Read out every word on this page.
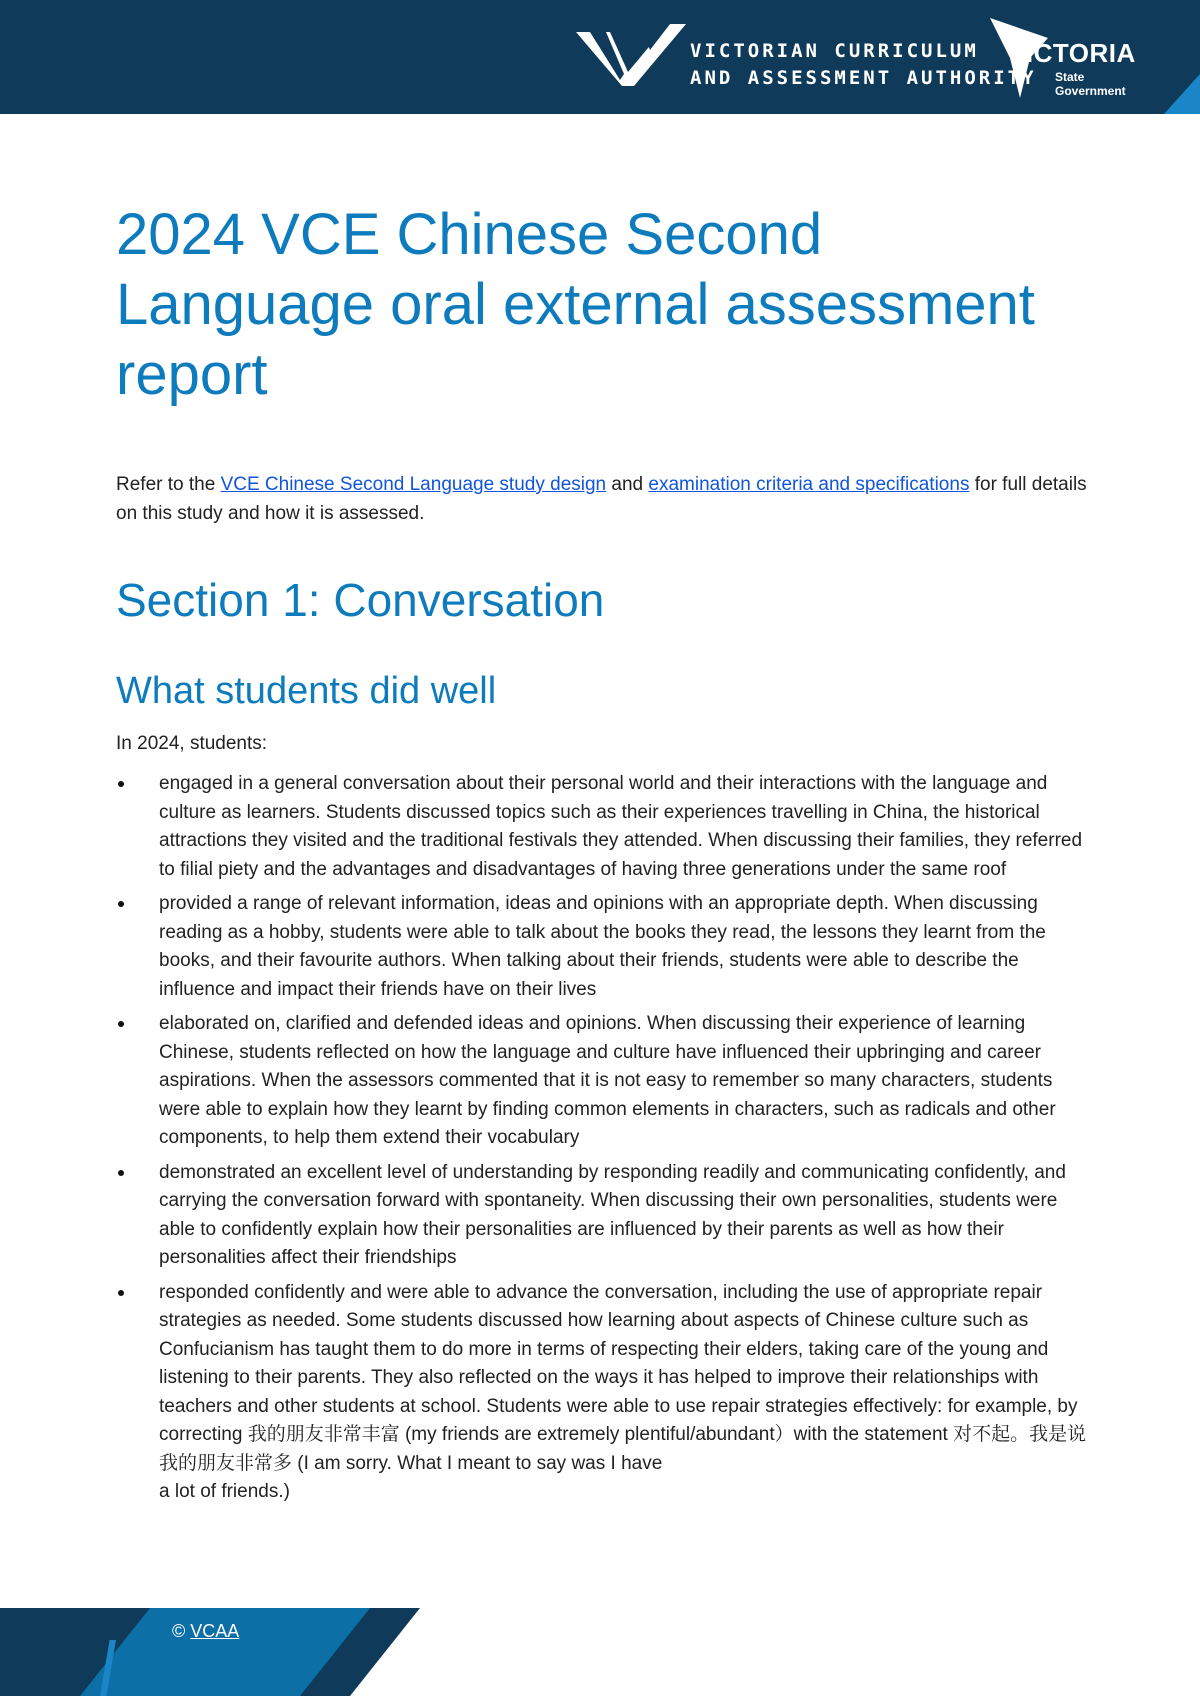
VICTORIAN CURRICULUM
AND ASSESSMENT AUTHORITY
VICTORIA
State
Government
2024 VCE Chinese Second Language oral external assessment report

Refer to the VCE Chinese Second Language study design and examination criteria and specifications for full details on this study and how it is assessed.

Section 1: Conversation
What students did well

In 2024, students:

engaged in a general conversation about their personal world and their interactions with the language and culture as learners. Students discussed topics such as their experiences travelling in China, the historical attractions they visited and the traditional festivals they attended. When discussing their families, they referred to filial piety and the advantages and disadvantages of having three generations under the same roof
provided a range of relevant information, ideas and opinions with an appropriate depth. When discussing reading as a hobby, students were able to talk about the books they read, the lessons they learnt from the books, and their favourite authors. When talking about their friends, students were able to describe the influence and impact their friends have on their lives
elaborated on, clarified and defended ideas and opinions. When discussing their experience of learning Chinese, students reflected on how the language and culture have influenced their upbringing and career aspirations. When the assessors commented that it is not easy to remember so many characters, students were able to explain how they learnt by finding common elements in characters, such as radicals and other components, to help them extend their vocabulary
demonstrated an excellent level of understanding by responding readily and communicating confidently, and carrying the conversation forward with spontaneity. When discussing their own personalities, students were able to confidently explain how their personalities are influenced by their parents as well as how their personalities affect their friendships
responded confidently and were able to advance the conversation, including the use of appropriate repair strategies as needed. Some students discussed how learning about aspects of Chinese culture such as Confucianism has taught them to do more in terms of respecting their elders, taking care of the young and listening to their parents. They also reflected on the ways it has helped to improve their relationships with teachers and other students at school. Students were able to use repair strategies effectively: for example, by correcting 我的朋友非常丰富 (my friends are extremely plentiful/abundant）with the statement 对不起。我是说我的朋友非常多 (I am sorry. What I meant to say was I have
a lot of friends.)
© VCAA
